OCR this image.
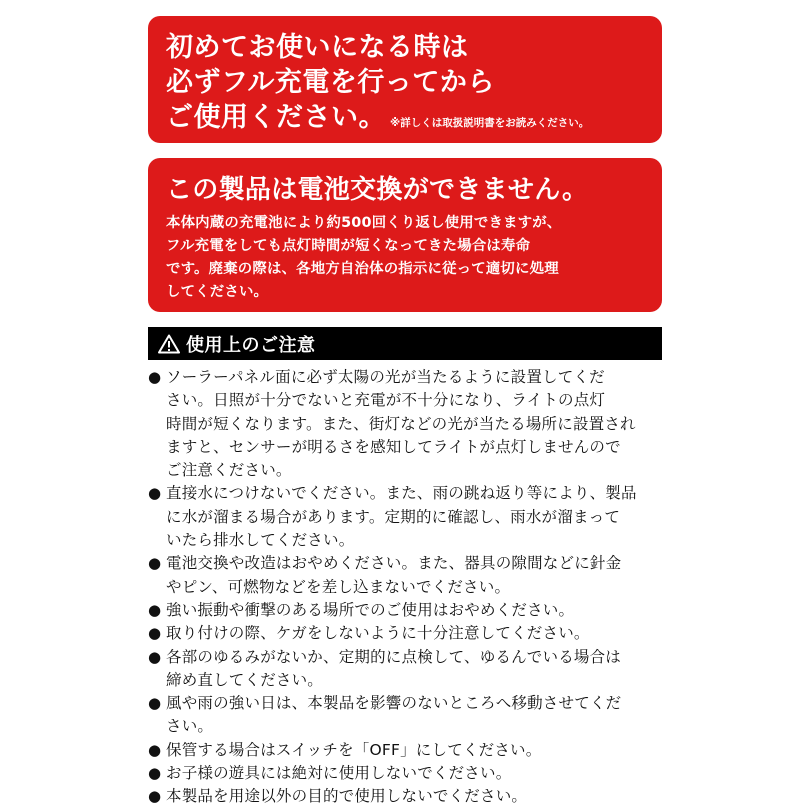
初めてお使いになる時は

必ずフル充電を行ってから

ご使用ください。 ※詳しくは取扱説明書をお読みください。

この製品は電池交換ができません。

本体内蔵の充電池により約500回くり返し使用できますが、
フル充電をしても点灯時間が短くなってきた場合は寿命
です。廃棄の際は、各地方自治体の指示に従って適切に処理
してください。
使用上のご注意
● ソーラーパネル面に必ず太陽の光が当たるように設置してくだ
さい。日照が十分でないと充電が不十分になり、ライトの点灯
時間が短くなります。また、街灯などの光が当たる場所に設置され
ますと、センサーが明るさを感知してライトが点灯しませんので
ご注意ください。
● 直接水につけないでください。また、雨の跳ね返り等により、製品
に水が溜まる場合があります。定期的に確認し、雨水が溜まって
いたら排水してください。
● 電池交換や改造はおやめください。また、器具の隙間などに針金
やピン、可燃物などを差し込まないでください。
● 強い振動や衝撃のある場所でのご使用はおやめください。
● 取り付けの際、ケガをしないように十分注意してください。
● 各部のゆるみがないか、定期的に点検して、ゆるんでいる場合は
締め直してください。
● 風や雨の強い日は、本製品を影響のないところへ移動させてくだ
さい。
● 保管する場合はスイッチを「OFF」にしてください。
● お子様の遊具には絶対に使用しないでください。
● 本製品を用途以外の目的で使用しないでください。
